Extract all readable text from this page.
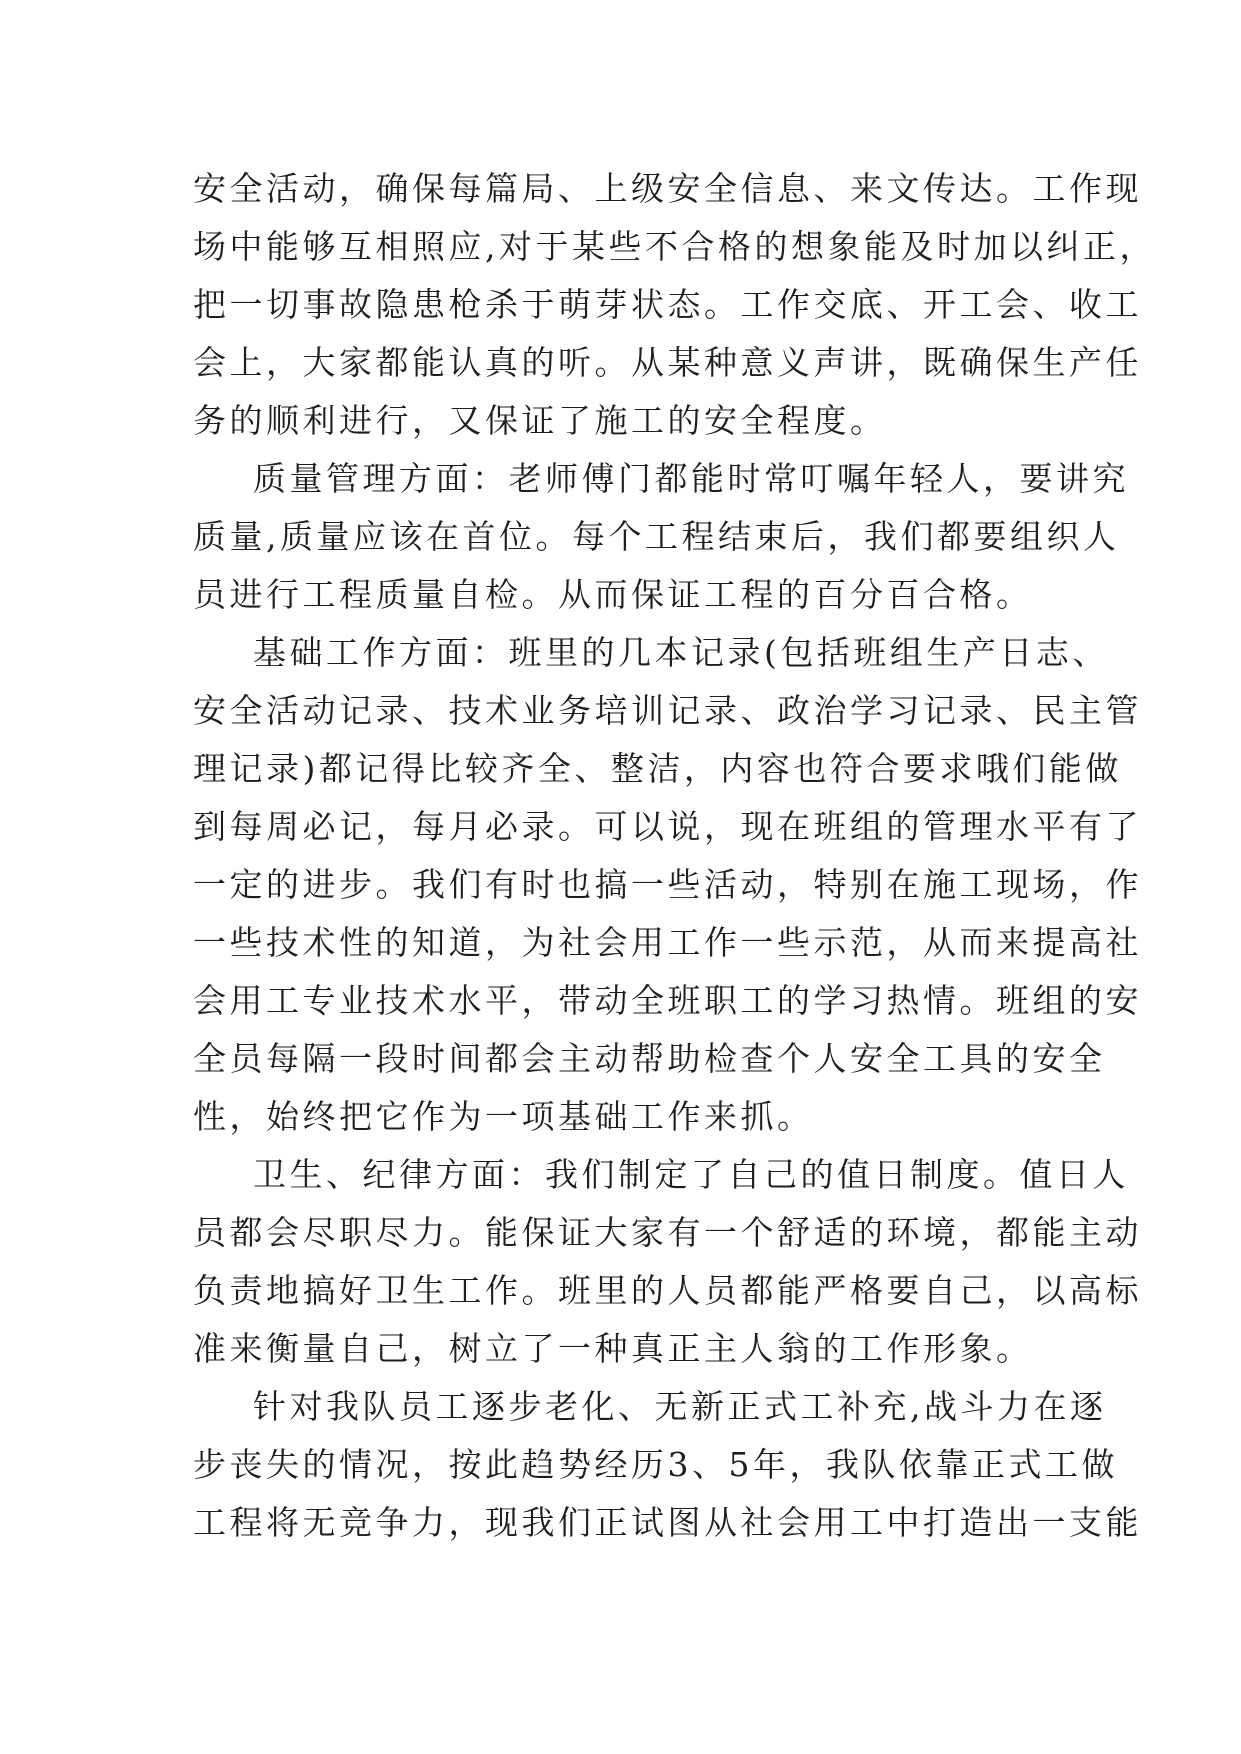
安全活动，确保每篇局、上级安全信息、来文传达。工作现
场中能够互相照应,对于某些不合格的想象能及时加以纠正，
把一切事故隐患枪杀于萌芽状态。工作交底、开工会、收工
会上，大家都能认真的听。从某种意义声讲，既确保生产任
务的顺利进行，又保证了施工的安全程度。
质量管理方面：老师傅门都能时常叮嘱年轻人，要讲究
质量,质量应该在首位。每个工程结束后，我们都要组织人
员进行工程质量自检。从而保证工程的百分百合格。
基础工作方面：班里的几本记录(包括班组生产日志、
安全活动记录、技术业务培训记录、政治学习记录、民主管
理记录)都记得比较齐全、整洁，内容也符合要求哦们能做
到每周必记，每月必录。可以说，现在班组的管理水平有了
一定的进步。我们有时也搞一些活动，特别在施工现场，作
一些技术性的知道，为社会用工作一些示范，从而来提高社
会用工专业技术水平，带动全班职工的学习热情。班组的安
全员每隔一段时间都会主动帮助检查个人安全工具的安全
性，始终把它作为一项基础工作来抓。
卫生、纪律方面：我们制定了自己的值日制度。值日人
员都会尽职尽力。能保证大家有一个舒适的环境，都能主动
负责地搞好卫生工作。班里的人员都能严格要自己，以高标
准来衡量自己，树立了一种真正主人翁的工作形象。
针对我队员工逐步老化、无新正式工补充,战斗力在逐
步丧失的情况，按此趋势经历3、5年，我队依靠正式工做
工程将无竞争力，现我们正试图从社会用工中打造出一支能
